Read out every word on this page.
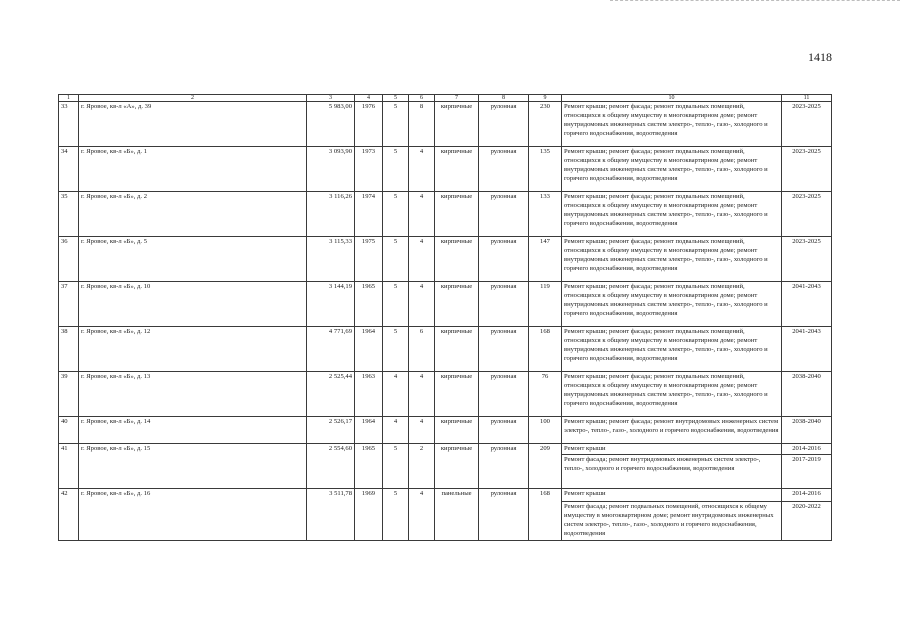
1418
1	2	3	4	5	6	7	8	9	10	11
33	г. Яровое, кв-л «А», д. 39	5 983,00	1976	5	8	кирпичные	рулонная	230	Ремонт крыши; ремонт фасада; ремонт подвальных помещений, относящихся к общему имуществу в многоквартирном доме; ремонт внутридомовых инженерных систем электро-, тепло-, газо-, холодного и горячего водоснабжения, водоотведения	2023-2025
34	г. Яровое, кв-л «Б», д. 1	3 093,90	1973	5	4	кирпичные	рулонная	135	Ремонт крыши; ремонт фасада; ремонт подвальных помещений, относящихся к общему имуществу в многоквартирном доме; ремонт внутридомовых инженерных систем электро-, тепло-, газо-, холодного и горячего водоснабжения, водоотведения	2023-2025
35	г. Яровое, кв-л «Б», д. 2	3 116,26	1974	5	4	кирпичные	рулонная	133	Ремонт крыши; ремонт фасада; ремонт подвальных помещений, относящихся к общему имуществу в многоквартирном доме; ремонт внутридомовых инженерных систем электро-, тепло-, газо-, холодного и горячего водоснабжения, водоотведения	2023-2025
36	г. Яровое, кв-л «Б», д. 5	3 115,33	1975	5	4	кирпичные	рулонная	147	Ремонт крыши; ремонт фасада; ремонт подвальных помещений, относящихся к общему имуществу в многоквартирном доме; ремонт внутридомовых инженерных систем электро-, тепло-, газо-, холодного и горячего водоснабжения, водоотведения	2023-2025
37	г. Яровое, кв-л «Б», д. 10	3 144,19	1965	5	4	кирпичные	рулонная	119	Ремонт крыши; ремонт фасада; ремонт подвальных помещений, относящихся к общему имуществу в многоквартирном доме; ремонт внутридомовых инженерных систем электро-, тепло-, газо-, холодного и горячего водоснабжения, водоотведения	2041-2043
38	г. Яровое, кв-л «Б», д. 12	4 771,69	1964	5	6	кирпичные	рулонная	168	Ремонт крыши; ремонт фасада; ремонт подвальных помещений, относящихся к общему имуществу в многоквартирном доме; ремонт внутридомовых инженерных систем электро-, тепло-, газо-, холодного и горячего водоснабжения, водоотведения	2041-2043
39	г. Яровое, кв-л «Б», д. 13	2 525,44	1963	4	4	кирпичные	рулонная	76	Ремонт крыши; ремонт фасада; ремонт подвальных помещений, относящихся к общему имуществу в многоквартирном доме; ремонт внутридомовых инженерных систем электро-, тепло-, газо-, холодного и горячего водоснабжения, водоотведения	2038-2040
40	г. Яровое, кв-л «Б», д. 14	2 526,17	1964	4	4	кирпичные	рулонная	100	Ремонт крыши; ремонт фасада; ремонт внутридомовых инженерных систем электро-, тепло-, газо-, холодного и горячего водоснабжения, водоотведения	2038-2040
41	г. Яровое, кв-л «Б», д. 15	2 554,60	1965	5	2	кирпичные	рулонная	209	Ремонт крыши	2014-2016
									Ремонт фасада; ремонт внутридомовых инженерных систем электро-, тепло-, холодного и горячего водоснабжения, водоотведения	2017-2019
42	г. Яровое, кв-л «Б», д. 16	3 511,78	1969	5	4	панельные	рулонная	168	Ремонт крыши	2014-2016
									Ремонт фасада; ремонт подвальных помещений, относящихся к общему имуществу в многоквартирном доме; ремонт внутридомовых инженерных систем электро-, тепло-, газо-, холодного и горячего водоснабжения, водоотведения	2020-2022
